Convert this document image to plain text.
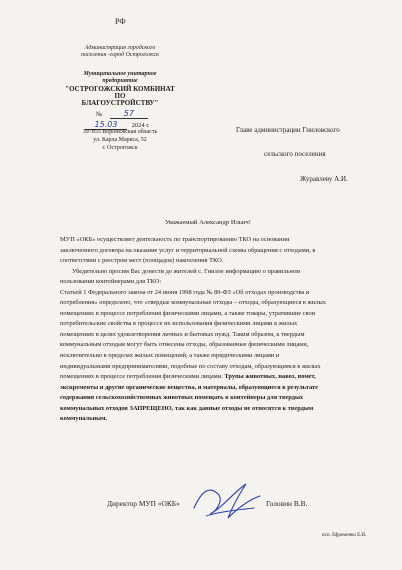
РФ
Администрация городского
поселения -город Острогожск
Муниципальное унитарное
предприятие
"ОСТРОГОЖСКИЙ КОМБИНАТ
ПО
БЛАГОУСТРОЙСТВУ"
№	57
15.03 2024 г.
397855 Воронежская область
ул. Карла Маркса, 52
г. Острогожск
Главе администрации Гниловского
сельского поселения
Журавлеву А.И.
Уважаемый Александр Ильич!

МУП «ОКБ» осуществляет деятельность по транспортированию ТКО на основании

заключенного договора на оказание услуг и территориальной схемы обращения с отходами, в

соответствии с реестром мест (площадок) накопления ТКО.

Убедительно просим Вас донести до жителей с. Гнилое информацию о правильном

пользовании контейнерами для ТКО:

Статьей 1 Федерального закона от 24 июня 1998 года № 89-ФЗ «Об отходах производства и

потребления» определено, что «твердые коммунальные отходы – отходы, образующиеся в жилых

помещениях в процессе потребления физическими лицами, а также товары, утратившие свои

потребительские свойства в процессе их использования физическими лицами в жилых

помещениях в целях удовлетворения личных и бытовых нужд. Таким образом, к твердым

коммунальным отходам могут быть отнесены отходы, образованные физическими лицами,

исключительно в пределах жилых помещений, а также юридическими лицами и

индивидуальными предпринимателями, подобные по составу отходам, образующимся в жилых

помещениях в процессе потребления физическими лицами. Трупы животных, навоз, помет,

экскременты и другие органические вещества, и материалы, образующиеся в результате

содержания сельскохозяйственных животных помещать в контейнеры для твердых

коммунальных отходов ЗАПРЕЩЕНО, так как данные отходы не относятся к твердым

коммунальным.

Директор МУП «ОКБ»	Головин В.В.
исп. Ефременко Е.И.
